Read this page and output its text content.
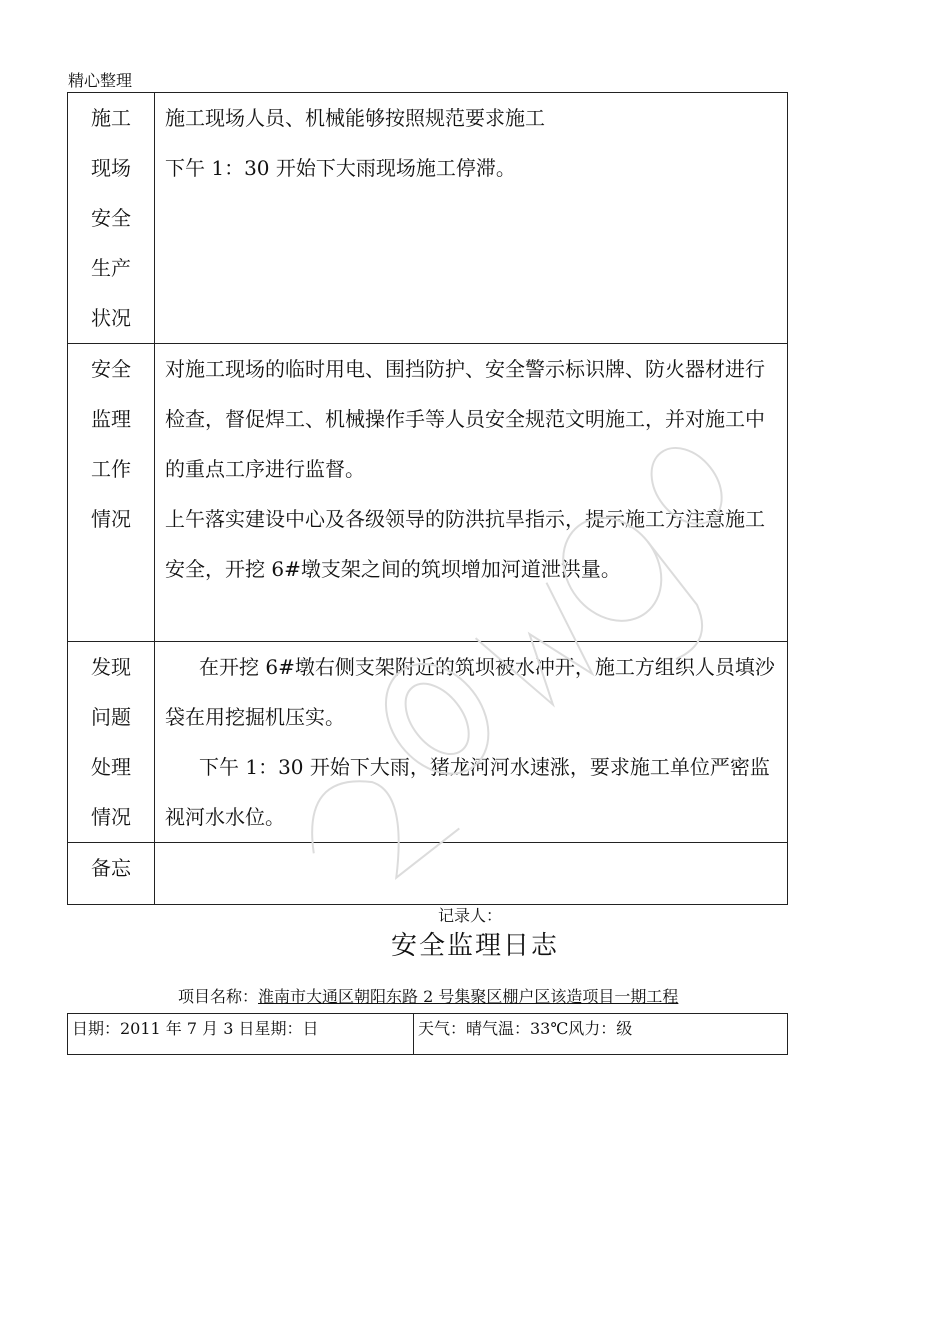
精心整理
施工
现场
安全
生产
状况	施工现场人员、机械能够按照规范要求施工
下午 1：30 开始下大雨现场施工停滞。

安全
监理
工作
情况	对施工现场的临时用电、围挡防护、安全警示标识牌、防火器材进行检查，督促焊工、机械操作手等人员安全规范文明施工，并对施工中的重点工序进行监督。
上午落实建设中心及各级领导的防洪抗旱指示，提示施工方注意施工安全，开挖 6#墩支架之间的筑坝增加河道泄洪量。

发现
问题
处理
情况	在开挖 6#墩右侧支架附近的筑坝被水冲开，施工方组织人员填沙袋在用挖掘机压实。
下午 1：30 开始下大雨，猪龙河河水速涨，要求施工单位严密监视河水水位。

备忘	

记录人：
安全监理日志
项目名称：淮南市大通区朝阳东路 2 号集聚区棚户区该造项目一期工程
日期：2011 年 7 月 3 日星期：日	天气：晴气温：33℃风力：级
